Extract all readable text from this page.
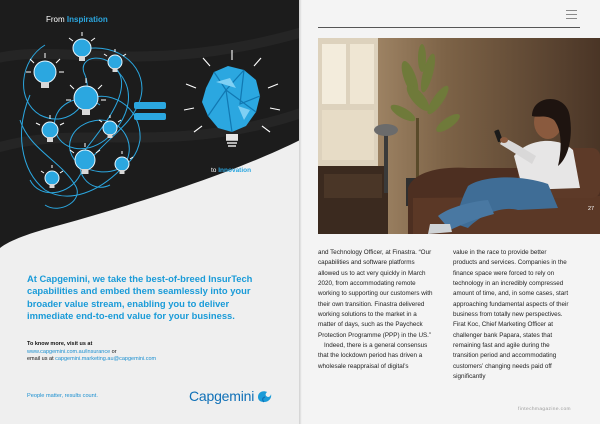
From Inspiration
to Innovation
At Capgemini, we take the best-of-breed InsurTech capabilities and embed them seamlessly into your broader value stream, enabling you to deliver immediate end-to-end value for your business.
To know more, visit us at
www.capgemini.com.au/insurance or
email us at capgemini.marketing.au@capgemini.com
People matter, results count.	Capgemini
27

and Technology Officer, at Finastra. “Our capabilities and software platforms allowed us to act very quickly in March 2020, from accommodating remote working to supporting our customers with their own transition. Finastra delivered working solutions to the market in a matter of days, such as the Paycheck Protection Programme (PPP) in the US.”

Indeed, there is a general consensus that the lockdown period has driven a wholesale reappraisal of digital’s

value in the race to provide better products and services. Companies in the finance space were forced to rely on technology in an incredibly compressed amount of time, and, in some cases, start approaching fundamental aspects of their business from totally new perspectives. Firat Koc, Chief Marketing Officer at challenger bank Papara, states that remaining fast and agile during the transition period and accommodating customers’ changing needs paid off significantly

fintechmagazine.com
